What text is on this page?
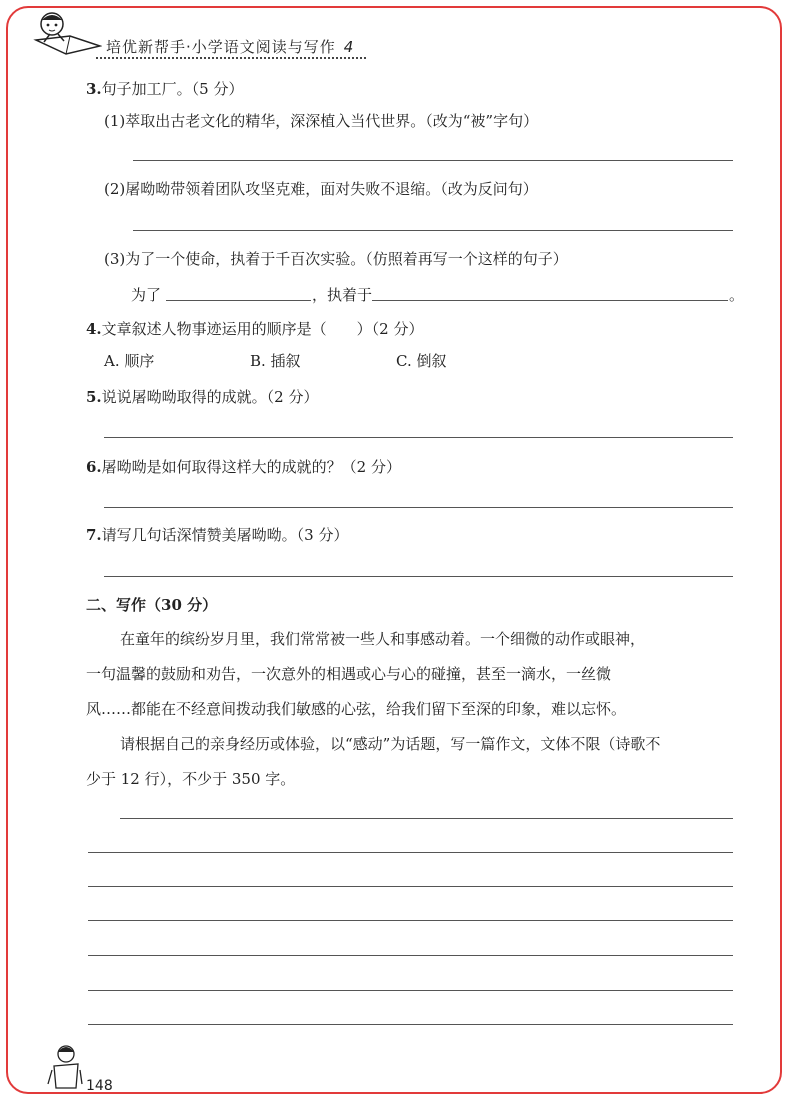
培优新帮手·小学语文阅读与写作 4
3.句子加工厂。（5 分）
(1)萃取出古老文化的精华，深深植入当代世界。（改为“被”字句）
(2)屠呦呦带领着团队攻坚克难，面对失败不退缩。（改为反问句）
(3)为了一个使命，执着于千百次实验。（仿照着再写一个这样的句子）
为了	，执着于	。
4.文章叙述人物事迹运用的顺序是（　　）（2 分）
A. 顺序	B. 插叙	C. 倒叙
5.说说屠呦呦取得的成就。（2 分）
6.屠呦呦是如何取得这样大的成就的？（2 分）
7.请写几句话深情赞美屠呦呦。（3 分）
二、写作（30 分）
在童年的缤纷岁月里，我们常常被一些人和事感动着。一个细微的动作或眼神，
一句温馨的鼓励和劝告，一次意外的相遇或心与心的碰撞，甚至一滴水，一丝微
风……都能在不经意间拨动我们敏感的心弦，给我们留下至深的印象，难以忘怀。
请根据自己的亲身经历或体验，以“感动”为话题，写一篇作文，文体不限（诗歌不
少于 12 行），不少于 350 字。
148
